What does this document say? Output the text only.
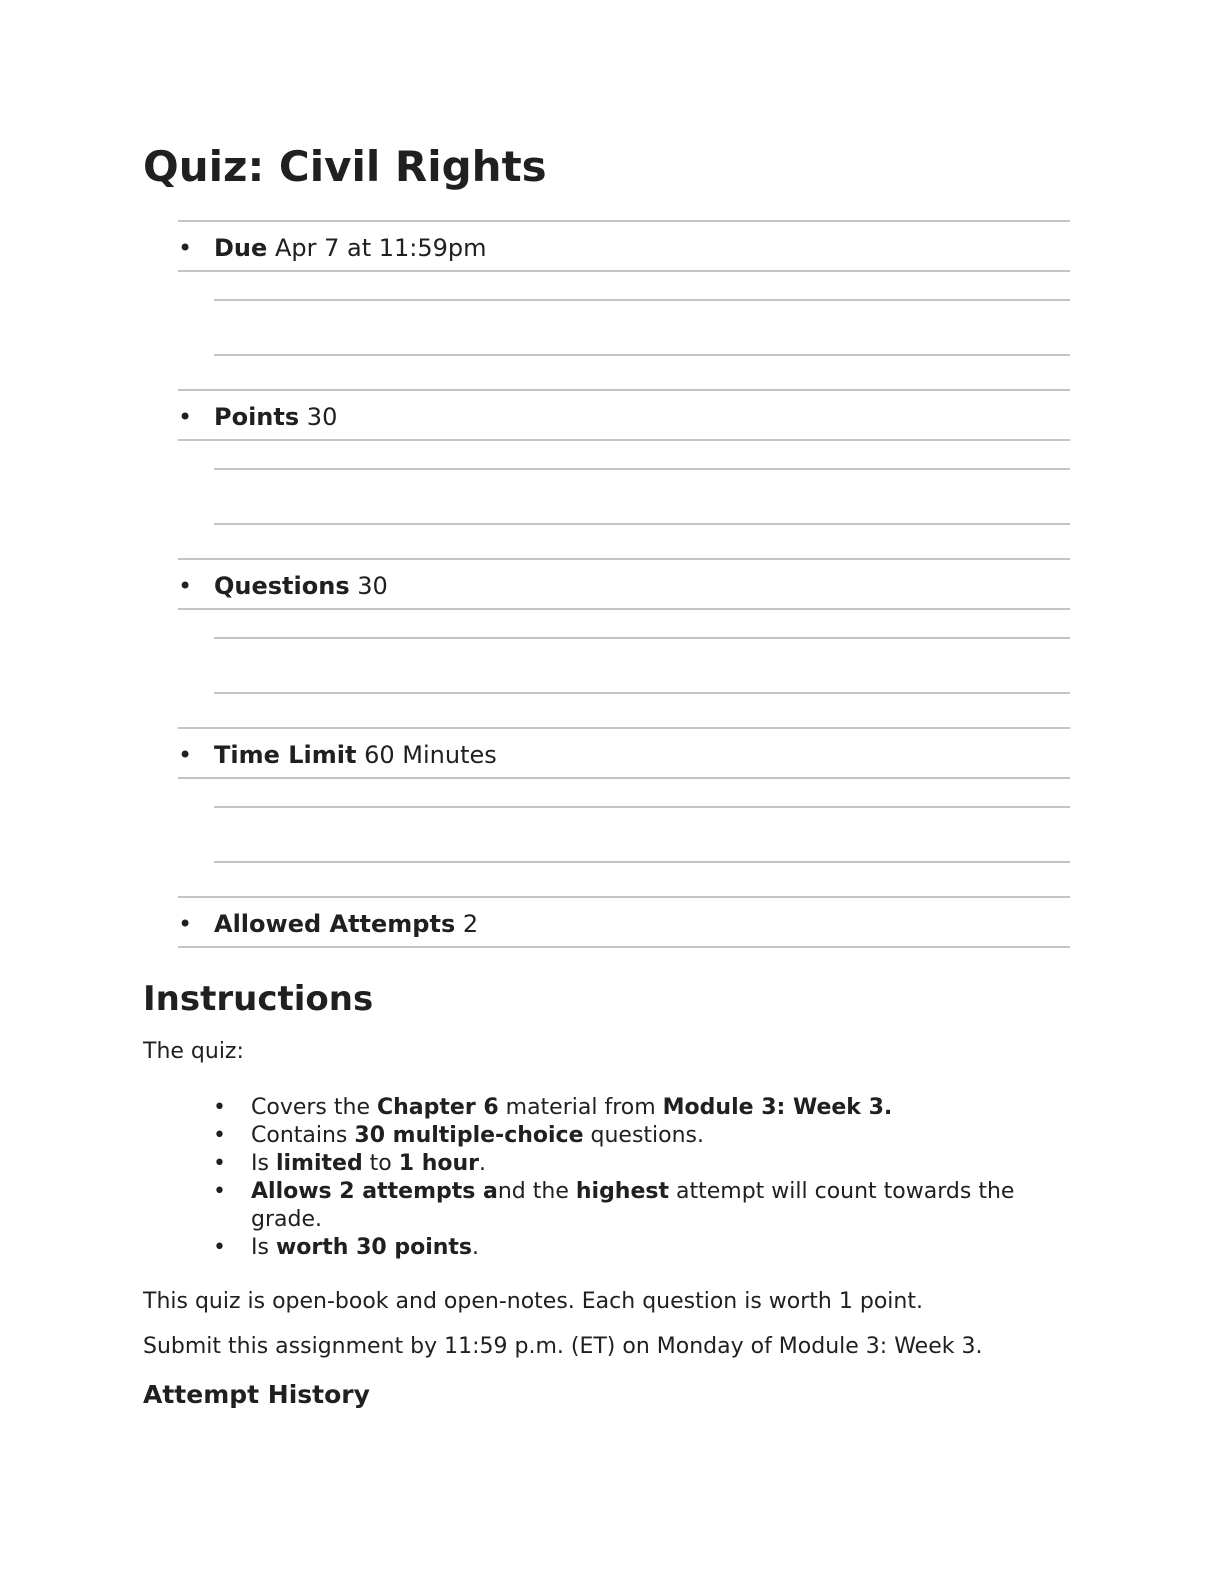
Quiz: Civil Rights
• Due Apr 7 at 11:59pm
• Points 30
• Questions 30
• Time Limit 60 Minutes
• Allowed Attempts 2
Instructions

The quiz:

• Covers the Chapter 6 material from Module 3: Week 3.
• Contains 30 multiple-choice questions.
• Is limited to 1 hour.
• Allows 2 attempts and the highest attempt will count towards the grade.
• Is worth 30 points.

This quiz is open-book and open-notes. Each question is worth 1 point.

Submit this assignment by 11:59 p.m. (ET) on Monday of Module 3: Week 3.

Attempt History
